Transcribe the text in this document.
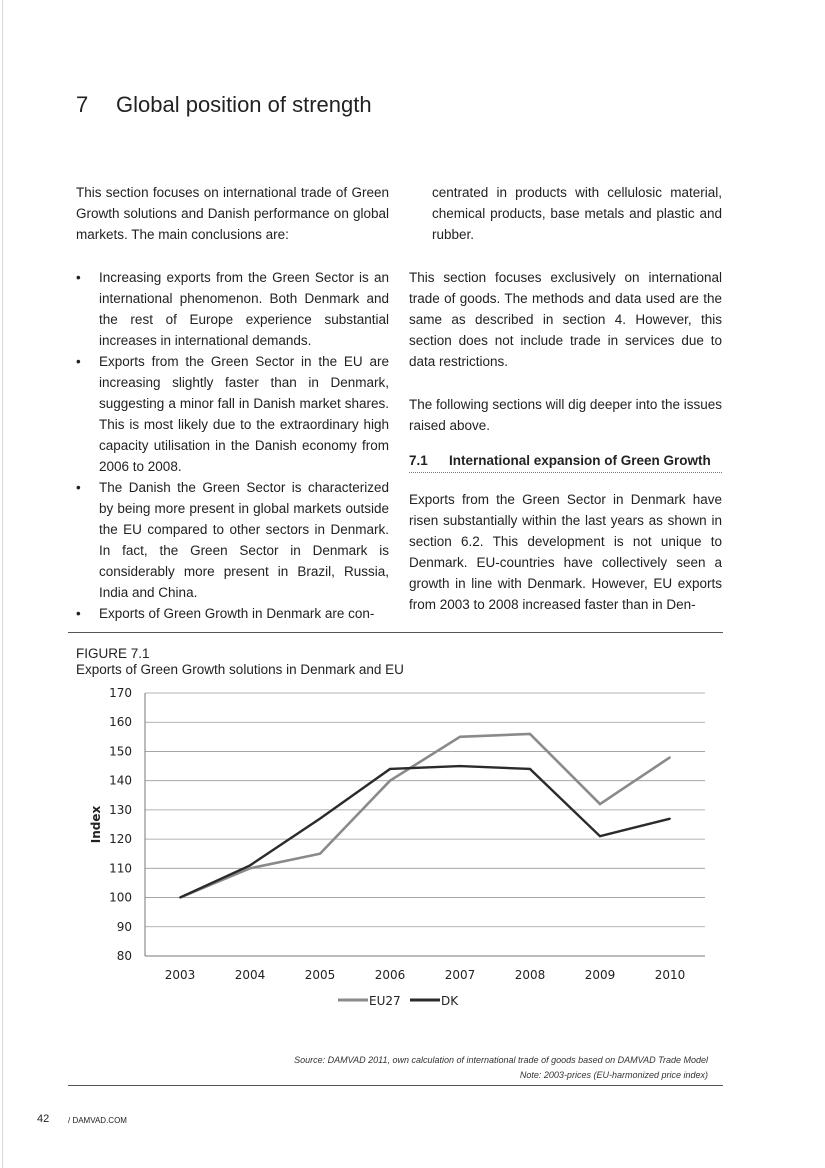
7 Global position of strength

This section focuses on international trade of Green Growth solutions and Danish performance on global markets. The main conclusions are:

• Increasing exports from the Green Sector is an international phenomenon. Both Denmark and the rest of Europe experience substantial increases in international demands.
• Exports from the Green Sector in the EU are increasing slightly faster than in Denmark, suggesting a minor fall in Danish market shares. This is most likely due to the extraordinary high capacity utilisation in the Danish economy from 2006 to 2008.
• The Danish the Green Sector is characterized by being more present in global markets outside the EU compared to other sectors in Denmark. In fact, the Green Sector in Denmark is considerably more present in Brazil, Russia, India and China.
• Exports of Green Growth in Denmark are con-

centrated in products with cellulosic material, chemical products, base metals and plastic and rubber.

This section focuses exclusively on international trade of goods. The methods and data used are the same as described in section 4. However, this section does not include trade in services due to data restrictions.

The following sections will dig deeper into the issues raised above.

7.1 International expansion of Green Growth

Exports from the Green Sector in Denmark have risen substantially within the last years as shown in section 6.2. This development is not unique to Denmark. EU-countries have collectively seen a growth in line with Denmark. However, EU exports from 2003 to 2008 increased faster than in Den-

FIGURE 7.1
Exports of Green Growth solutions in Denmark and EU
170
160
150
140
130
120
110
100
90
80
Index
2003	2004	2005	2006	2007	2008	2009	2010
EU27	DK
Source: DAMVAD 2011, own calculation of international trade of goods based on DAMVAD Trade Model
Note: 2003-prices (EU-harmonized price index)
42 / DAMVAD.COM
